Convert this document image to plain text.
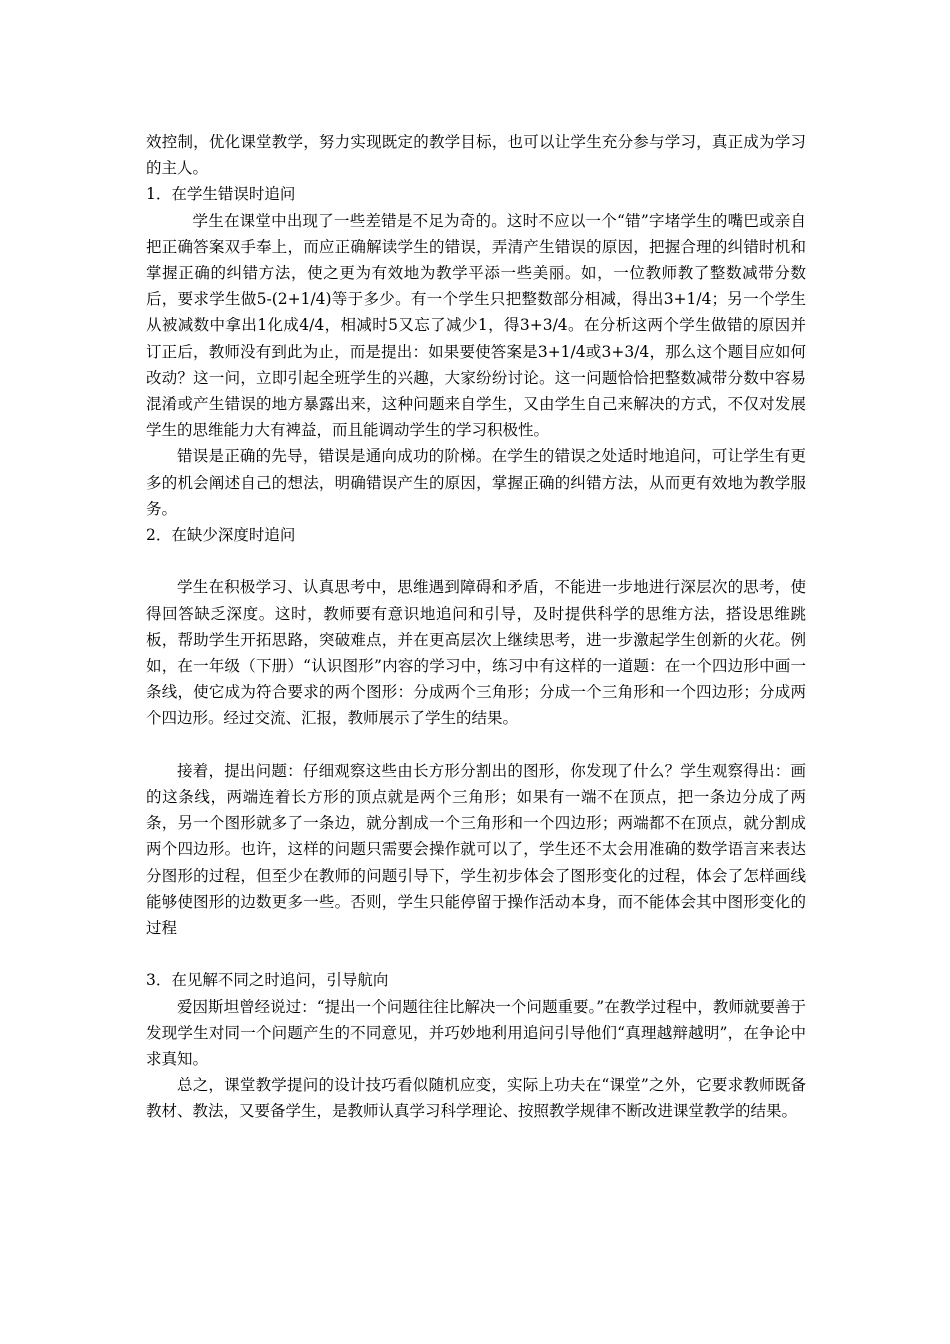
效控制，优化课堂教学，努力实现既定的教学目标，也可以让学生充分参与学习，真正成为学习的主人。

1．在学生错误时追问

学生在课堂中出现了一些差错是不足为奇的。这时不应以一个“错”字堵学生的嘴巴或亲自把正确答案双手奉上，而应正确解读学生的错误，弄清产生错误的原因，把握合理的纠错时机和掌握正确的纠错方法，使之更为有效地为教学平添一些美丽。如，一位教师教了整数减带分数后，要求学生做5-(2+1/4)等于多少。有一个学生只把整数部分相减，得出3+1/4；另一个学生从被减数中拿出1化成4/4，相减时5又忘了减少1，得3+3/4。在分析这两个学生做错的原因并订正后，教师没有到此为止，而是提出：如果要使答案是3+1/4或3+3/4，那么这个题目应如何改动？这一问，立即引起全班学生的兴趣，大家纷纷讨论。这一问题恰恰把整数减带分数中容易混淆或产生错误的地方暴露出来，这种问题来自学生，又由学生自己来解决的方式，不仅对发展学生的思维能力大有裨益，而且能调动学生的学习积极性。

错误是正确的先导，错误是通向成功的阶梯。在学生的错误之处适时地追问，可让学生有更多的机会阐述自己的想法，明确错误产生的原因，掌握正确的纠错方法，从而更有效地为教学服务。

2．在缺少深度时追问

学生在积极学习、认真思考中，思维遇到障碍和矛盾，不能进一步地进行深层次的思考，使得回答缺乏深度。这时，教师要有意识地追问和引导，及时提供科学的思维方法，搭设思维跳板，帮助学生开拓思路，突破难点，并在更高层次上继续思考，进一步激起学生创新的火花。例如，在一年级（下册）“认识图形”内容的学习中，练习中有这样的一道题：在一个四边形中画一条线，使它成为符合要求的两个图形：分成两个三角形；分成一个三角形和一个四边形；分成两个四边形。经过交流、汇报，教师展示了学生的结果。

接着，提出问题：仔细观察这些由长方形分割出的图形，你发现了什么？学生观察得出：画的这条线，两端连着长方形的顶点就是两个三角形；如果有一端不在顶点，把一条边分成了两条，另一个图形就多了一条边，就分割成一个三角形和一个四边形；两端都不在顶点，就分割成两个四边形。也许，这样的问题只需要会操作就可以了，学生还不太会用准确的数学语言来表达分图形的过程，但至少在教师的问题引导下，学生初步体会了图形变化的过程，体会了怎样画线能够使图形的边数更多一些。否则，学生只能停留于操作活动本身，而不能体会其中图形变化的过程

3．在见解不同之时追问，引导航向

爱因斯坦曾经说过：“提出一个问题往往比解决一个问题重要。”在教学过程中，教师就要善于发现学生对同一个问题产生的不同意见，并巧妙地利用追问引导他们“真理越辩越明”，在争论中求真知。

总之，课堂教学提问的设计技巧看似随机应变，实际上功夫在“课堂”之外，它要求教师既备教材、教法，又要备学生，是教师认真学习科学理论、按照教学规律不断改进课堂教学的结果。
